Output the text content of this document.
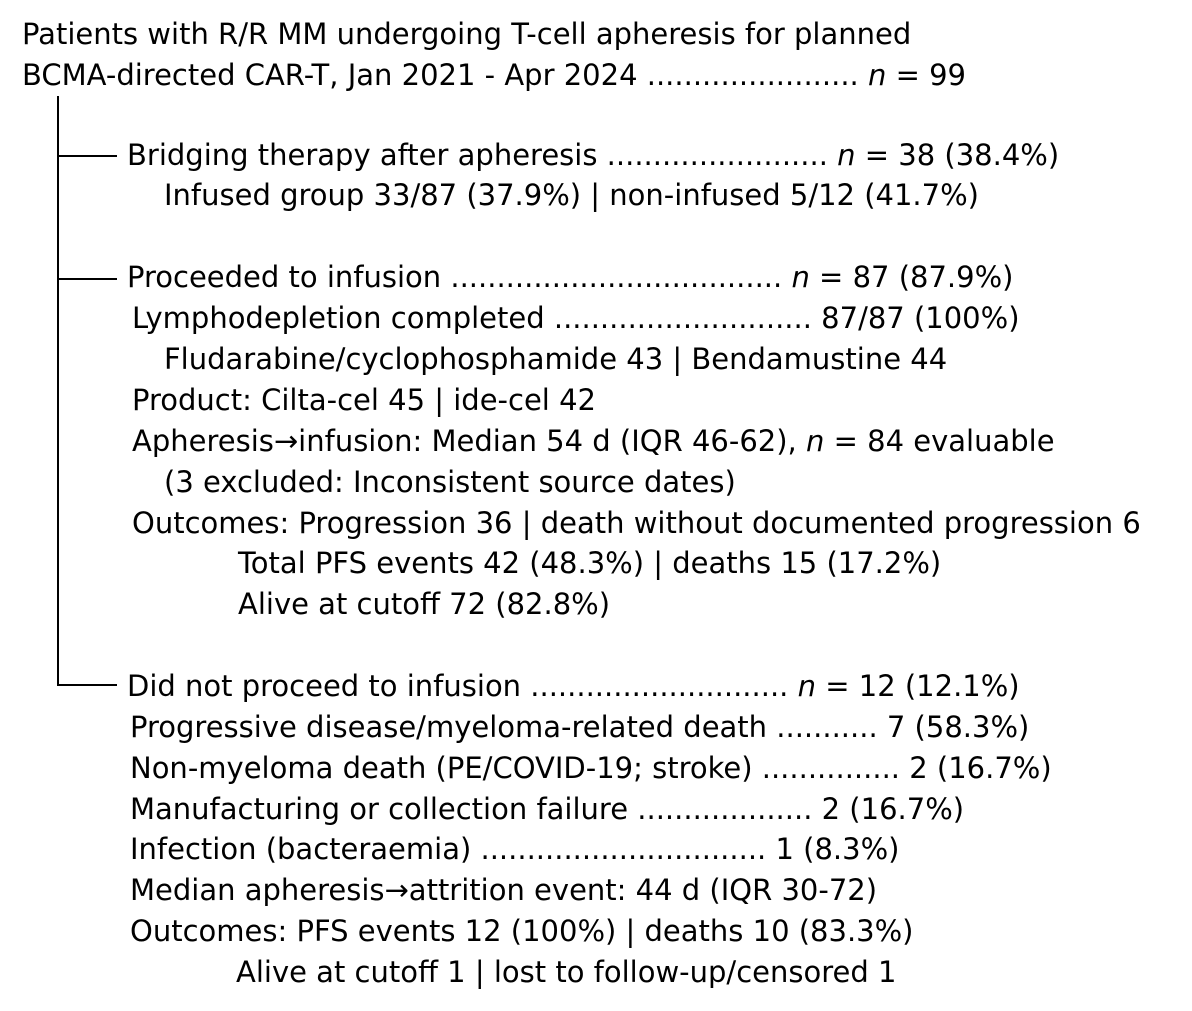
Patients with R/R MM undergoing T-cell apheresis for planned
BCMA-directed CAR-T, Jan 2021 - Apr 2024 ....................... n = 99
Bridging therapy after apheresis ........................ n = 38 (38.4%)
Infused group 33/87 (37.9%) | non-infused 5/12 (41.7%)
Proceeded to infusion .................................... n = 87 (87.9%)
Lymphodepletion completed ............................ 87/87 (100%)
Fludarabine/cyclophosphamide 43 | Bendamustine 44
Product: Cilta-cel 45 | ide-cel 42
Apheresis→infusion: Median 54 d (IQR 46-62), n = 84 evaluable
(3 excluded: Inconsistent source dates)
Outcomes: Progression 36 | death without documented progression 6
Total PFS events 42 (48.3%) | deaths 15 (17.2%)
Alive at cutoff 72 (82.8%)
Did not proceed to infusion ............................ n = 12 (12.1%)
Progressive disease/myeloma-related death ........... 7 (58.3%)
Non-myeloma death (PE/COVID-19; stroke) ............... 2 (16.7%)
Manufacturing or collection failure ................... 2 (16.7%)
Infection (bacteraemia) ............................... 1 (8.3%)
Median apheresis→attrition event: 44 d (IQR 30-72)
Outcomes: PFS events 12 (100%) | deaths 10 (83.3%)
Alive at cutoff 1 | lost to follow-up/censored 1
